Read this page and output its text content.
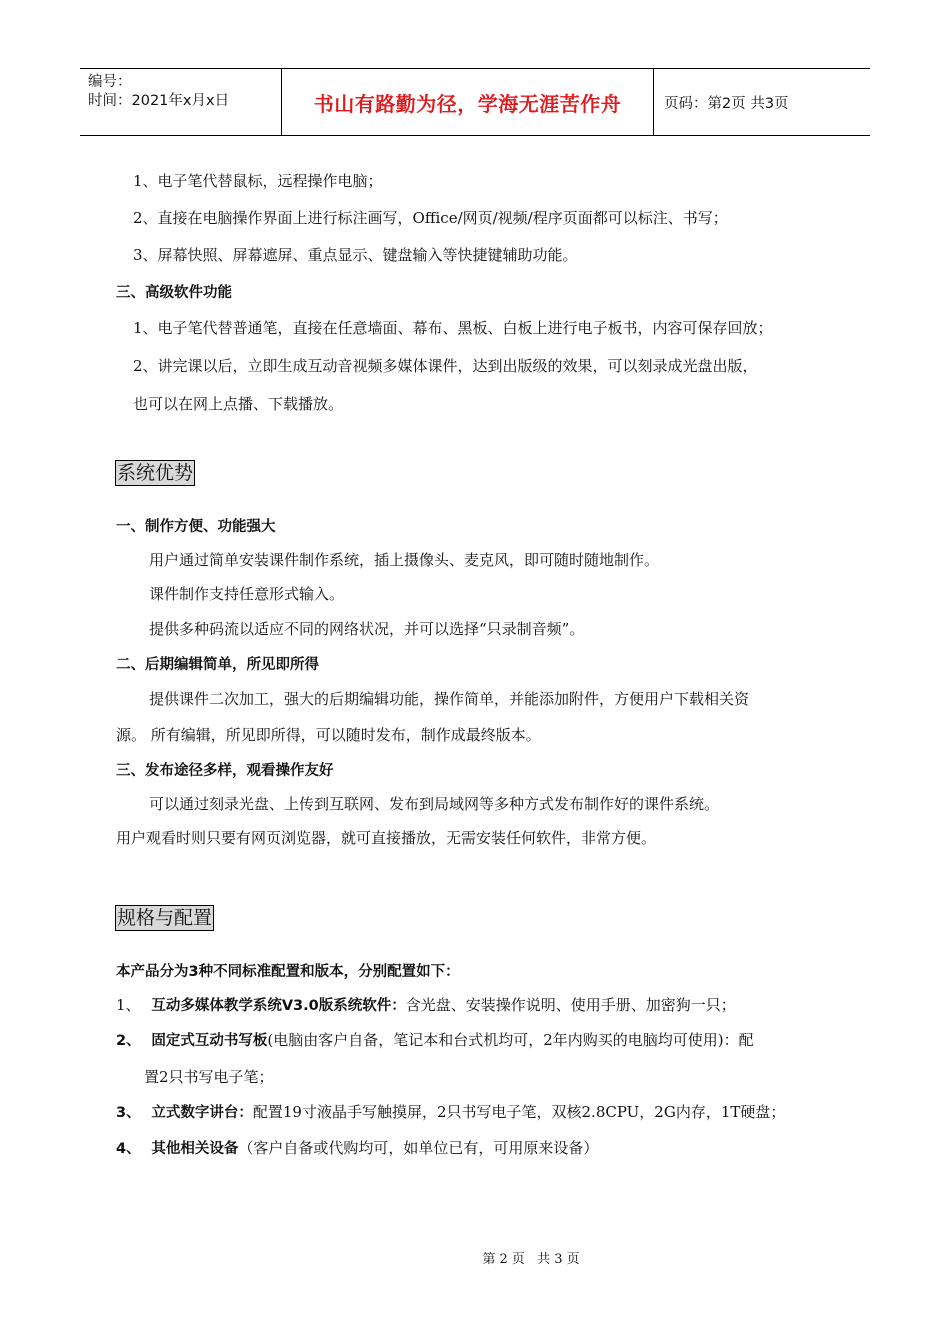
编号：
时间：2021年x月x日	书山有路勤为径，学海无涯苦作舟	页码：第2页 共3页
1、电子笔代替鼠标，远程操作电脑；
2、直接在电脑操作界面上进行标注画写，Office/网页/视频/程序页面都可以标注、书写；
3、屏幕快照、屏幕遮屏、重点显示、键盘输入等快捷键辅助功能。
三、高级软件功能
1、电子笔代替普通笔，直接在任意墙面、幕布、黑板、白板上进行电子板书，内容可保存回放；
2、讲完课以后，立即生成互动音视频多媒体课件，达到出版级的效果，可以刻录成光盘出版，
也可以在网上点播、下载播放。
系统优势
一、制作方便、功能强大
用户通过简单安装课件制作系统，插上摄像头、麦克风，即可随时随地制作。
课件制作支持任意形式输入。
提供多种码流以适应不同的网络状况，并可以选择“只录制音频”。
二、后期编辑简单，所见即所得
提供课件二次加工，强大的后期编辑功能，操作简单，并能添加附件，方便用户下载相关资
源。 所有编辑，所见即所得，可以随时发布，制作成最终版本。
三、发布途径多样，观看操作友好
可以通过刻录光盘、上传到互联网、发布到局域网等多种方式发布制作好的课件系统。
用户观看时则只要有网页浏览器，就可直接播放，无需安装任何软件，非常方便。
规格与配置
本产品分为3种不同标准配置和版本，分别配置如下：
1、 互动多媒体教学系统V3.0版系统软件：含光盘、安装操作说明、使用手册、加密狗一只；
2、 固定式互动书写板(电脑由客户自备，笔记本和台式机均可，2年内购买的电脑均可使用)：配
置2只书写电子笔；
3、 立式数字讲台：配置19寸液晶手写触摸屏，2只书写电子笔，双核2.8CPU，2G内存，1T硬盘；
4、 其他相关设备（客户自备或代购均可，如单位已有，可用原来设备）
第 2 页 共 3 页
